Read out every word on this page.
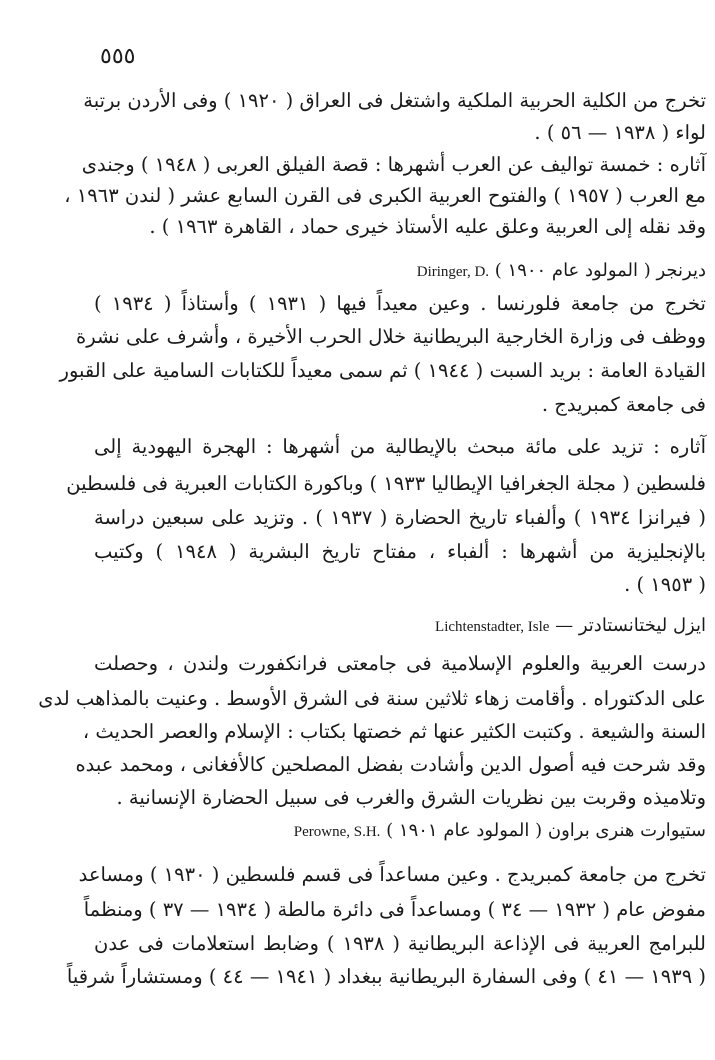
٥٥٥
تخرج من الكلية الحربية الملكية واشتغل فى العراق ( ١٩٢٠ ) وفى الأردن برتبة
لواء ( ١٩٣٨ — ٥٦ ) .
آثاره : خمسة تواليف عن العرب أشهرها : قصة الفيلق العربى ( ١٩٤٨ ) وجندى
مع العرب ( ١٩٥٧ ) والفتوح العربية الكبرى فى القرن السابع عشر ( لندن ١٩٦٣ ،
وقد نقله إلى العربية وعلق عليه الأستاذ خيرى حماد ، القاهرة ١٩٦٣ ) .
ديرنجر ( المولود عام ١٩٠٠ ) Diringer, D.
تخرج من جامعة فلورنسا . وعين معيداً فيها ( ١٩٣١ ) وأستاذاً ( ١٩٣٤ )
ووظف فى وزارة الخارجية البريطانية خلال الحرب الأخيرة ، وأشرف على نشرة
القيادة العامة : بريد السبت ( ١٩٤٤ ) ثم سمى معيداً للكتابات السامية على القبور
فى جامعة كمبريدج .
آثاره : تزيد على مائة مبحث بالإيطالية من أشهرها : الهجرة اليهودية إلى
فلسطين ( مجلة الجغرافيا الإيطاليا ١٩٣٣ ) وباكورة الكتابات العبرية فى فلسطين
( فيرانزا ١٩٣٤ ) وألفباء تاريخ الحضارة ( ١٩٣٧ ) . وتزيد على سبعين دراسة
بالإنجليزية من أشهرها : ألفباء ، مفتاح تاريخ البشرية ( ١٩٤٨ ) وكتيب
( ١٩٥٣ ) .
ايزل ليختانستادتر — Lichtenstadter, Isle
درست العربية والعلوم الإسلامية فى جامعتى فرانكفورت ولندن ، وحصلت
على الدكتوراه . وأقامت زهاء ثلاثين سنة فى الشرق الأوسط . وعنيت بالمذاهب لدى
السنة والشيعة . وكتبت الكثير عنها ثم خصتها بكتاب : الإسلام والعصر الحديث ،
وقد شرحت فيه أصول الدين وأشادت بفضل المصلحين كالأفغانى ، ومحمد عبده
وتلاميذه وقربت بين نظريات الشرق والغرب فى سبيل الحضارة الإنسانية .
ستيوارت هنرى براون ( المولود عام ١٩٠١ ) Perowne, S.H.
تخرج من جامعة كمبريدج . وعين مساعداً فى قسم فلسطين ( ١٩٣٠ ) ومساعد
مفوض عام ( ١٩٣٢ — ٣٤ ) ومساعداً فى دائرة مالطة ( ١٩٣٤ — ٣٧ ) ومنظماً
للبرامج العربية فى الإذاعة البريطانية ( ١٩٣٨ ) وضابط استعلامات فى عدن
( ١٩٣٩ — ٤١ ) وفى السفارة البريطانية ببغداد ( ١٩٤١ — ٤٤ ) ومستشاراً شرقياً
